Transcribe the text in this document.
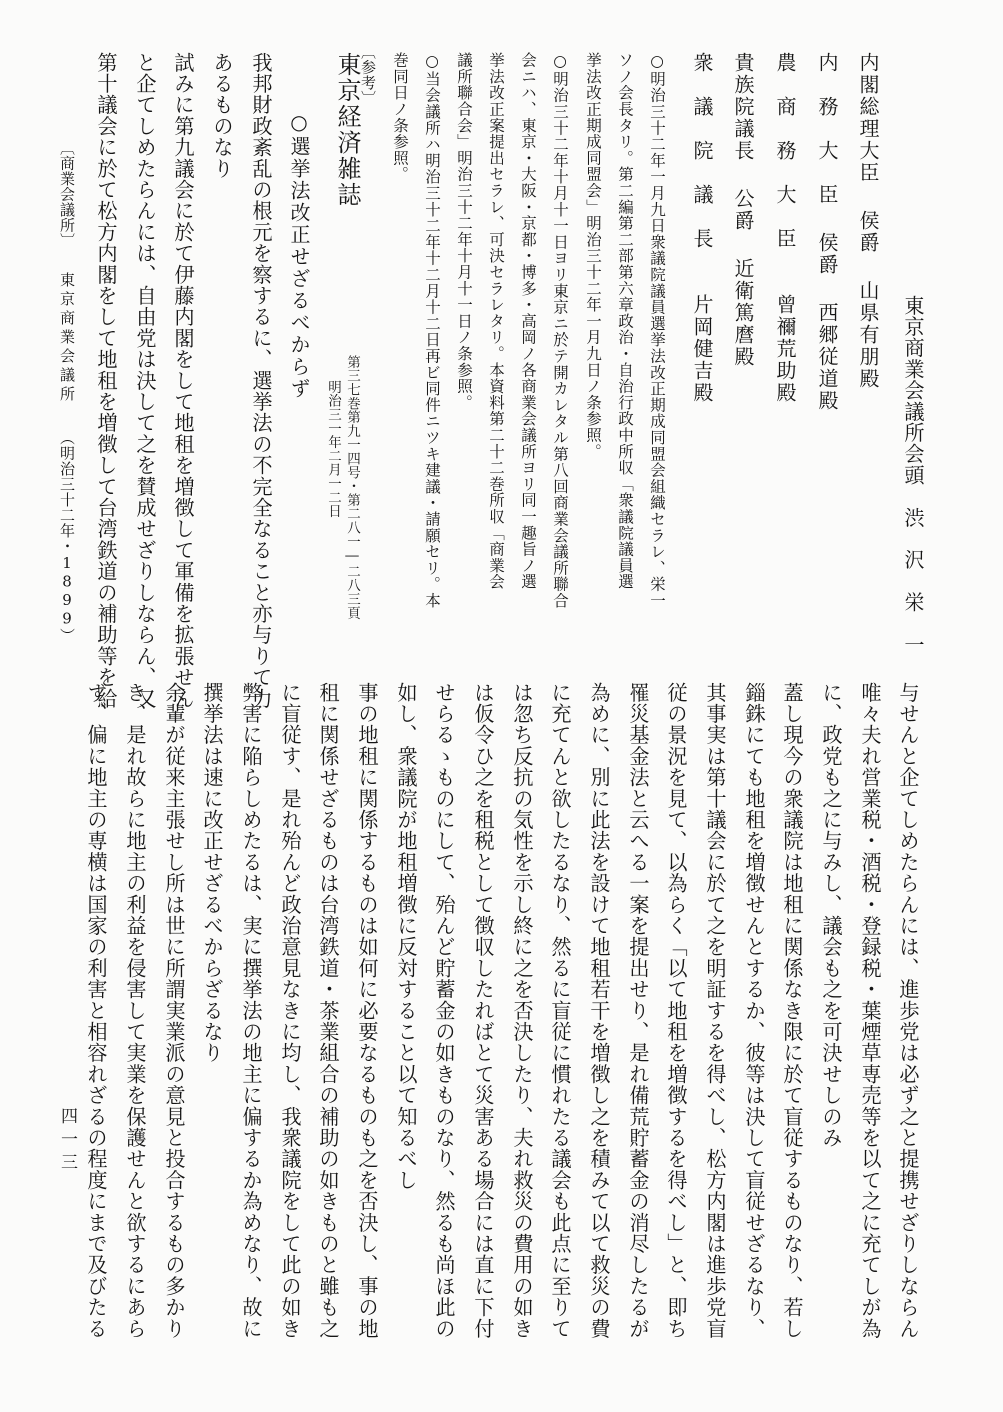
東京商業会議所会頭　渋　沢　栄　一
内閣総理大臣 侯爵 山県有朋殿
内　務　大　臣 侯爵 西郷従道殿
農　商　務　大　臣　　曾禰荒助殿
貴族院議長 公爵 近衛篤麿殿
衆　議　院　議　長　　片岡健吉殿
○明治三十二年一月九日衆議院議員選挙法改正期成同盟会組織セラレ、栄一
ソノ会長タリ。第二編第二部第六章政治・自治行政中所収「衆議院議員選
挙法改正期成同盟会」明治三十二年一月九日ノ条参照。
○明治三十二年十月十一日ヨリ東京ニ於テ開カレタル第八回商業会議所聯合
会ニハ、東京・大阪・京都・博多・高岡ノ各商業会議所ヨリ同一趣旨ノ選
挙法改正案提出セラレ、可決セラレタリ。本資料第二十二巻所収「商業会
議所聯合会」明治三十二年十月十一日ノ条参照。
○当会議所ハ明治三十二年十二月十二日再ビ同件ニツキ建議・請願セリ。本
巻同日ノ条参照。
〔参考〕
東京経済雑誌
第三七巻第九一四号・第二八一―二八三頁
明治三一年二月一二日
○選挙法改正せざるべからず
我邦財政紊乱の根元を察するに、選挙法の不完全なること亦与りて力
あるものなり
試みに第九議会に於て伊藤内閣をして地租を増徴して軍備を拡張せん
と企てしめたらんには、自由党は決して之を賛成せざりしならん、又
第十議会に於て松方内閣をして地租を増徴して台湾鉄道の補助等を給
与せんと企てしめたらんには、進歩党は必ず之と提携せざりしならん
唯々夫れ営業税・酒税・登録税・葉煙草専売等を以て之に充てしが為
に、政党も之に与みし、議会も之を可決せしのみ
蓋し現今の衆議院は地租に関係なき限に於て盲従するものなり、若し
錙銖にても地租を増徴せんとするか、彼等は決して盲従せざるなり、
其事実は第十議会に於て之を明証するを得べし、松方内閣は進歩党盲
従の景況を見て、以為らく「以て地租を増徴するを得べし」と、即ち
罹災基金法と云へる一案を提出せり、是れ備荒貯蓄金の消尽したるが
為めに、別に此法を設けて地租若干を増徴し之を積みて以て救災の費
に充てんと欲したるなり、然るに盲従に慣れたる議会も此点に至りて
は忽ち反抗の気性を示し終に之を否決したり、夫れ救災の費用の如き
は仮令ひ之を租税として徴収したればとて災害ある場合には直に下付
せらるゝものにして、殆んど貯蓄金の如きものなり、然るも尚ほ此の
如し、衆議院が地租増徴に反対すること以て知るべし
事の地租に関係するものは如何に必要なるものも之を否決し、事の地
租に関係せざるものは台湾鉄道・茶業組合の補助の如きものと雖も之
に盲従す、是れ殆んど政治意見なきに均し、我衆議院をして此の如き
弊害に陥らしめたるは、実に撰挙法の地主に偏するか為めなり、故に
撰挙法は速に改正せざるべからざるなり
余輩が従来主張せし所は世に所謂実業派の意見と投合するもの多かり
き、是れ故らに地主の利益を侵害して実業を保護せんと欲するにあら
ず、偏に地主の専横は国家の利害と相容れざるの程度にまで及びたる
〔商業会議所〕
東京商業会議所
（明治三十二年・1899）
四一三
